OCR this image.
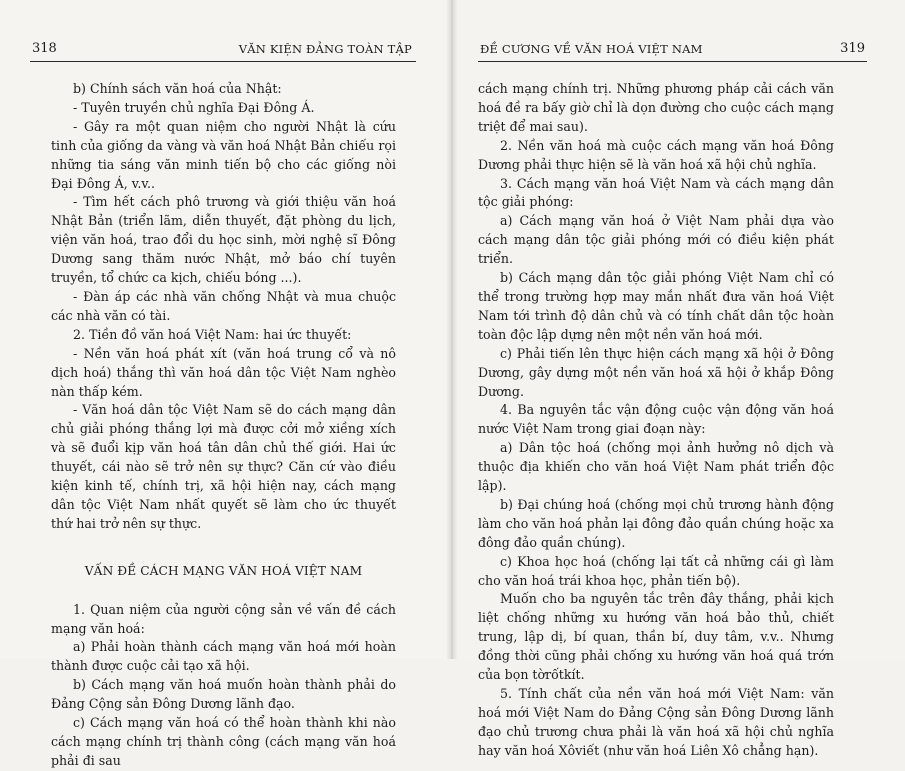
318	VĂN KIỆN ĐẢNG TOÀN TẬP

b) Chính sách văn hoá của Nhật:

- Tuyên truyền chủ nghĩa Đại Đông Á.

- Gây ra một quan niệm cho người Nhật là cứu tinh của giống da vàng và văn hoá Nhật Bản chiếu rọi những tia sáng văn minh tiến bộ cho các giống nòi Đại Đông Á, v.v..

- Tìm hết cách phô trương và giới thiệu văn hoá Nhật Bản (triển lãm, diễn thuyết, đặt phòng du lịch, viện văn hoá, trao đổi du học sinh, mời nghệ sĩ Đông Dương sang thăm nước Nhật, mở báo chí tuyên truyền, tổ chức ca kịch, chiếu bóng ...).

- Đàn áp các nhà văn chống Nhật và mua chuộc các nhà văn có tài.

2. Tiền đồ văn hoá Việt Nam: hai ức thuyết:

- Nền văn hoá phát xít (văn hoá trung cổ và nô dịch hoá) thắng thì văn hoá dân tộc Việt Nam nghèo nàn thấp kém.

- Văn hoá dân tộc Việt Nam sẽ do cách mạng dân chủ giải phóng thắng lợi mà được cởi mở xiềng xích và sẽ đuổi kịp văn hoá tân dân chủ thế giới. Hai ức thuyết, cái nào sẽ trở nên sự thực? Căn cứ vào điều kiện kinh tế, chính trị, xã hội hiện nay, cách mạng dân tộc Việt Nam nhất quyết sẽ làm cho ức thuyết thứ hai trở nên sự thực.

VẤN ĐỀ CÁCH MẠNG VĂN HOÁ VIỆT NAM

1. Quan niệm của người cộng sản về vấn đề cách mạng văn hoá:

a) Phải hoàn thành cách mạng văn hoá mới hoàn thành được cuộc cải tạo xã hội.

b) Cách mạng văn hoá muốn hoàn thành phải do Đảng Cộng sản Đông Dương lãnh đạo.

c) Cách mạng văn hoá có thể hoàn thành khi nào cách mạng chính trị thành công (cách mạng văn hoá phải đi sau

ĐỀ CƯƠNG VỀ VĂN HOÁ VIỆT NAM	319

cách mạng chính trị. Những phương pháp cải cách văn hoá đề ra bấy giờ chỉ là dọn đường cho cuộc cách mạng triệt để mai sau).

2. Nền văn hoá mà cuộc cách mạng văn hoá Đông Dương phải thực hiện sẽ là văn hoá xã hội chủ nghĩa.

3. Cách mạng văn hoá Việt Nam và cách mạng dân tộc giải phóng:

a) Cách mạng văn hoá ở Việt Nam phải dựa vào cách mạng dân tộc giải phóng mới có điều kiện phát triển.

b) Cách mạng dân tộc giải phóng Việt Nam chỉ có thể trong trường hợp may mắn nhất đưa văn hoá Việt Nam tới trình độ dân chủ và có tính chất dân tộc hoàn toàn độc lập dựng nên một nền văn hoá mới.

c) Phải tiến lên thực hiện cách mạng xã hội ở Đông Dương, gây dựng một nền văn hoá xã hội ở khắp Đông Dương.

4. Ba nguyên tắc vận động cuộc vận động văn hoá nước Việt Nam trong giai đoạn này:

a) Dân tộc hoá (chống mọi ảnh hưởng nô dịch và thuộc địa khiến cho văn hoá Việt Nam phát triển độc lập).

b) Đại chúng hoá (chống mọi chủ trương hành động làm cho văn hoá phản lại đông đảo quần chúng hoặc xa đông đảo quần chúng).

c) Khoa học hoá (chống lại tất cả những cái gì làm cho văn hoá trái khoa học, phản tiến bộ).

Muốn cho ba nguyên tắc trên đây thắng, phải kịch liệt chống những xu hướng văn hoá bảo thủ, chiết trung, lập dị, bí quan, thần bí, duy tâm, v.v.. Nhưng đồng thời cũng phải chống xu hướng văn hoá quá trớn của bọn tờrốtkít.

5. Tính chất của nền văn hoá mới Việt Nam: văn hoá mới Việt Nam do Đảng Cộng sản Đông Dương lãnh đạo chủ trương chưa phải là văn hoá xã hội chủ nghĩa hay văn hoá Xôviết (như văn hoá Liên Xô chẳng hạn).
